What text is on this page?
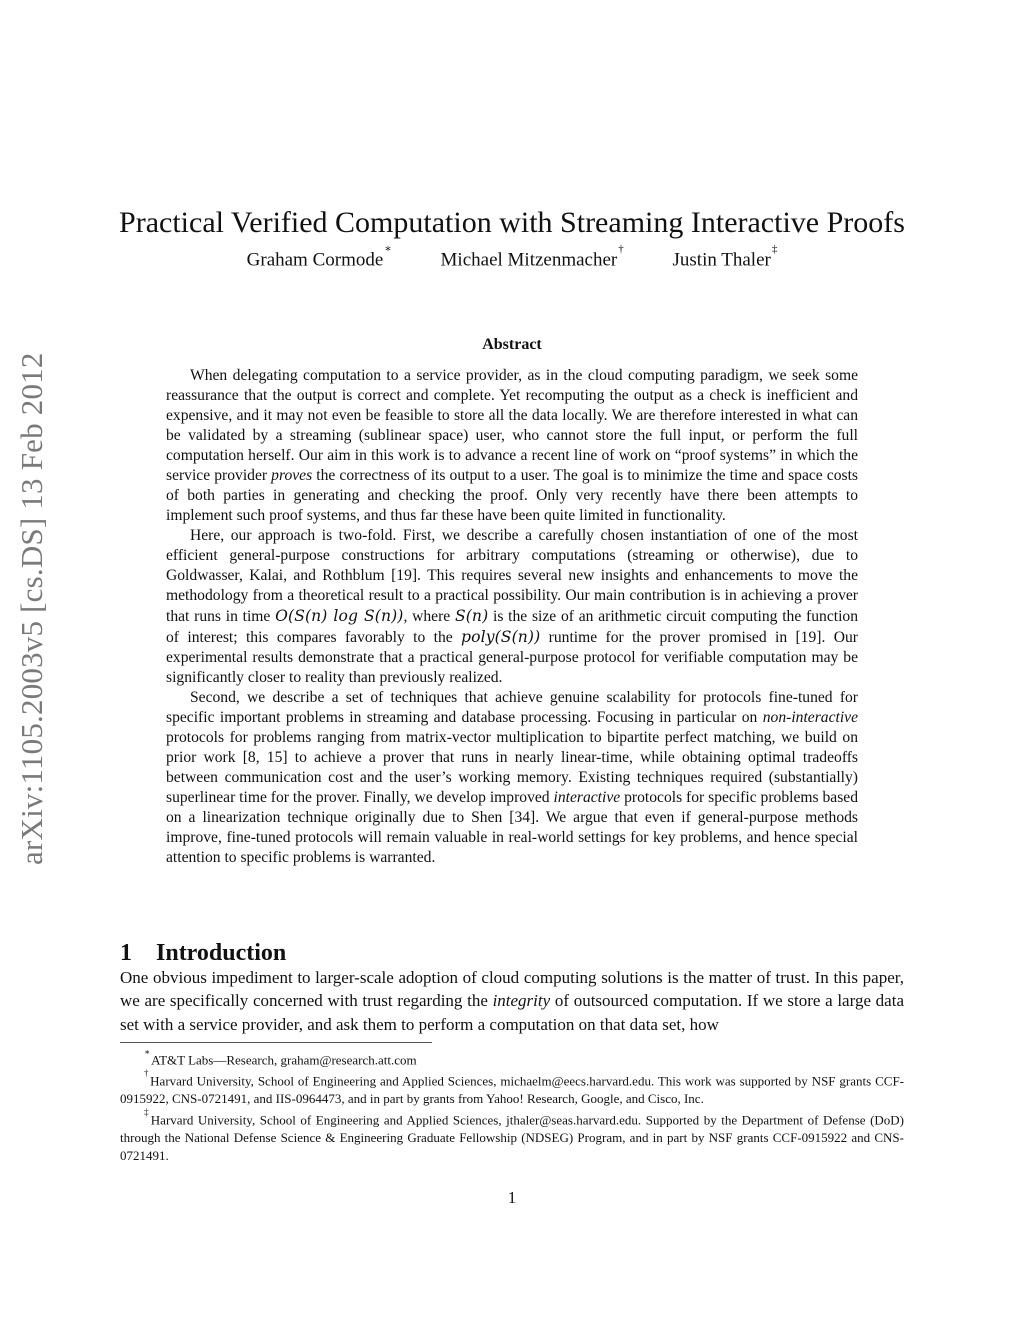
arXiv:1105.2003v5 [cs.DS] 13 Feb 2012
Practical Verified Computation with Streaming Interactive Proofs
Graham Cormode∗ Michael Mitzenmacher† Justin Thaler‡
Abstract

When delegating computation to a service provider, as in the cloud computing paradigm, we seek some reassurance that the output is correct and complete. Yet recomputing the output as a check is inefficient and expensive, and it may not even be feasible to store all the data locally. We are therefore interested in what can be validated by a streaming (sublinear space) user, who cannot store the full input, or perform the full computation herself. Our aim in this work is to advance a recent line of work on “proof systems” in which the service provider proves the correctness of its output to a user. The goal is to minimize the time and space costs of both parties in generating and checking the proof. Only very recently have there been attempts to implement such proof systems, and thus far these have been quite limited in functionality.

Here, our approach is two-fold. First, we describe a carefully chosen instantiation of one of the most efficient general-purpose constructions for arbitrary computations (streaming or otherwise), due to Goldwasser, Kalai, and Rothblum [19]. This requires several new insights and enhancements to move the methodology from a theoretical result to a practical possibility. Our main contribution is in achieving a prover that runs in time O(S(n) log S(n)), where S(n) is the size of an arithmetic circuit computing the function of interest; this compares favorably to the poly(S(n)) runtime for the prover promised in [19]. Our experimental results demonstrate that a practical general-purpose protocol for verifiable computation may be significantly closer to reality than previously realized.

Second, we describe a set of techniques that achieve genuine scalability for protocols fine-tuned for specific important problems in streaming and database processing. Focusing in particular on non-interactive protocols for problems ranging from matrix-vector multiplication to bipartite perfect matching, we build on prior work [8, 15] to achieve a prover that runs in nearly linear-time, while obtaining optimal tradeoffs between communication cost and the user’s working memory. Existing techniques required (substantially) superlinear time for the prover. Finally, we develop improved interactive protocols for specific problems based on a linearization technique originally due to Shen [34]. We argue that even if general-purpose methods improve, fine-tuned protocols will remain valuable in real-world settings for key problems, and hence special attention to specific problems is warranted.

1 Introduction

One obvious impediment to larger-scale adoption of cloud computing solutions is the matter of trust. In this paper, we are specifically concerned with trust regarding the integrity of outsourced computation. If we store a large data set with a service provider, and ask them to perform a computation on that data set, how

∗AT&T Labs—Research, graham@research.att.com

†Harvard University, School of Engineering and Applied Sciences, michaelm@eecs.harvard.edu. This work was supported by NSF grants CCF-0915922, CNS-0721491, and IIS-0964473, and in part by grants from Yahoo! Research, Google, and Cisco, Inc.

‡Harvard University, School of Engineering and Applied Sciences, jthaler@seas.harvard.edu. Supported by the Department of Defense (DoD) through the National Defense Science & Engineering Graduate Fellowship (NDSEG) Program, and in part by NSF grants CCF-0915922 and CNS-0721491.

1
